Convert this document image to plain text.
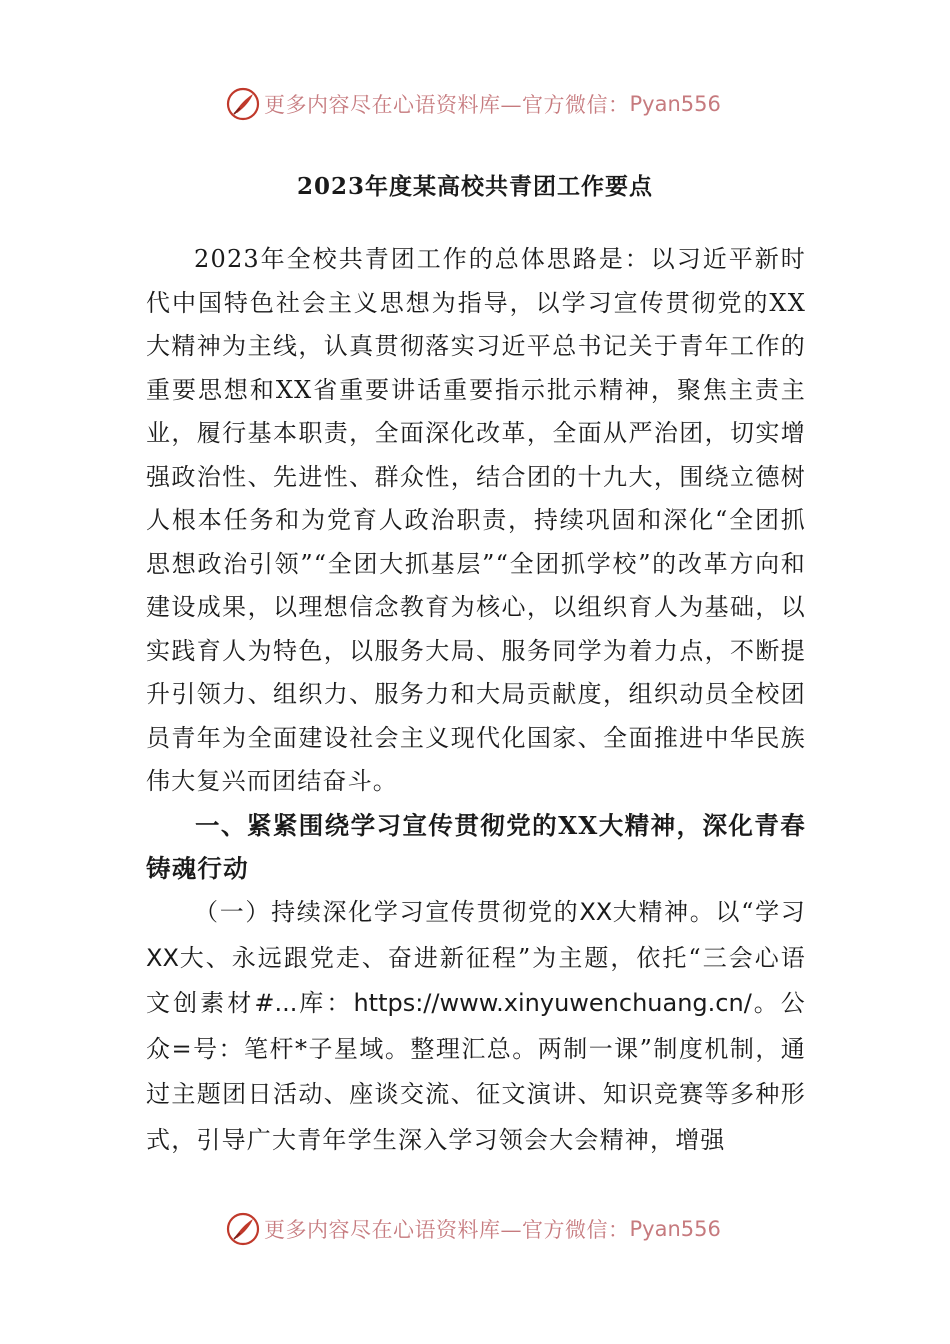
更多内容尽在心语资料库—官方微信： Pyan556
2023年度某高校共青团工作要点

2023年全校共青团工作的总体思路是：以习近平新时代中国特色社会主义思想为指导，以学习宣传贯彻党的XX大精神为主线，认真贯彻落实习近平总书记关于青年工作的重要思想和XX省重要讲话重要指示批示精神，聚焦主责主业，履行基本职责，全面深化改革，全面从严治团，切实增强政治性、先进性、群众性，结合团的十九大，围绕立德树人根本任务和为党育人政治职责，持续巩固和深化“全团抓思想政治引领”“全团大抓基层”“全团抓学校”的改革方向和建设成果，以理想信念教育为核心，以组织育人为基础，以实践育人为特色，以服务大局、服务同学为着力点，不断提升引领力、组织力、服务力和大局贡献度，组织动员全校团员青年为全面建设社会主义现代化国家、全面推进中华民族伟大复兴而团结奋斗。

一、紧紧围绕学习宣传贯彻党的XX大精神，深化青春铸魂行动

（一）持续深化学习宣传贯彻党的XX大精神。以“学习XX大、永远跟党走、奋进新征程”为主题，依托“三会心语文创素材#...库：https://www.xinyuwenchuang.cn/。公众=号：笔杆*子星域。整理汇总。两制一课”制度机制，通过主题团日活动、座谈交流、征文演讲、知识竞赛等多种形式，引导广大青年学生深入学习领会大会精神，增强

更多内容尽在心语资料库—官方微信： Pyan556
